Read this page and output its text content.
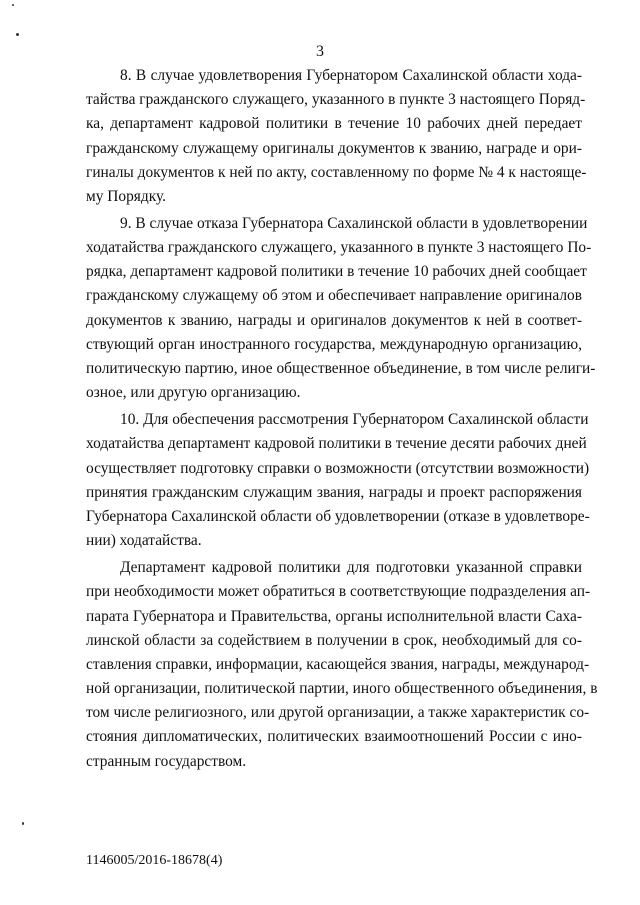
3
8. В случае удовлетворения Губернатором Сахалинской области хода-
тайства гражданского служащего, указанного в пункте 3 настоящего Поряд-
ка, департамент кадровой политики в течение 10 рабочих дней передает
гражданскому служащему оригиналы документов к званию, награде и ори-
гиналы документов к ней по акту, составленному по форме № 4 к настояще-
му Порядку.
9. В случае отказа Губернатора Сахалинской области в удовлетворении
ходатайства гражданского служащего, указанного в пункте 3 настоящего По-
рядка, департамент кадровой политики в течение 10 рабочих дней сообщает
гражданскому служащему об этом и обеспечивает направление оригиналов
документов к званию, награды и оригиналов документов к ней в соответ-
ствующий орган иностранного государства, международную организацию,
политическую партию, иное общественное объединение, в том числе религи-
озное, или другую организацию.
10. Для обеспечения рассмотрения Губернатором Сахалинской области
ходатайства департамент кадровой политики в течение десяти рабочих дней
осуществляет подготовку справки о возможности (отсутствии возможности)
принятия гражданским служащим звания, награды и проект распоряжения
Губернатора Сахалинской области об удовлетворении (отказе в удовлетворе-
нии) ходатайства.
Департамент кадровой политики для подготовки указанной справки
при необходимости может обратиться в соответствующие подразделения ап-
парата Губернатора и Правительства, органы исполнительной власти Саха-
линской области за содействием в получении в срок, необходимый для со-
ставления справки, информации, касающейся звания, награды, международ-
ной организации, политической партии, иного общественного объединения, в
том числе религиозного, или другой организации, а также характеристик со-
стояния дипломатических, политических взаимоотношений России с ино-
странным государством.
1146005/2016-18678(4)
